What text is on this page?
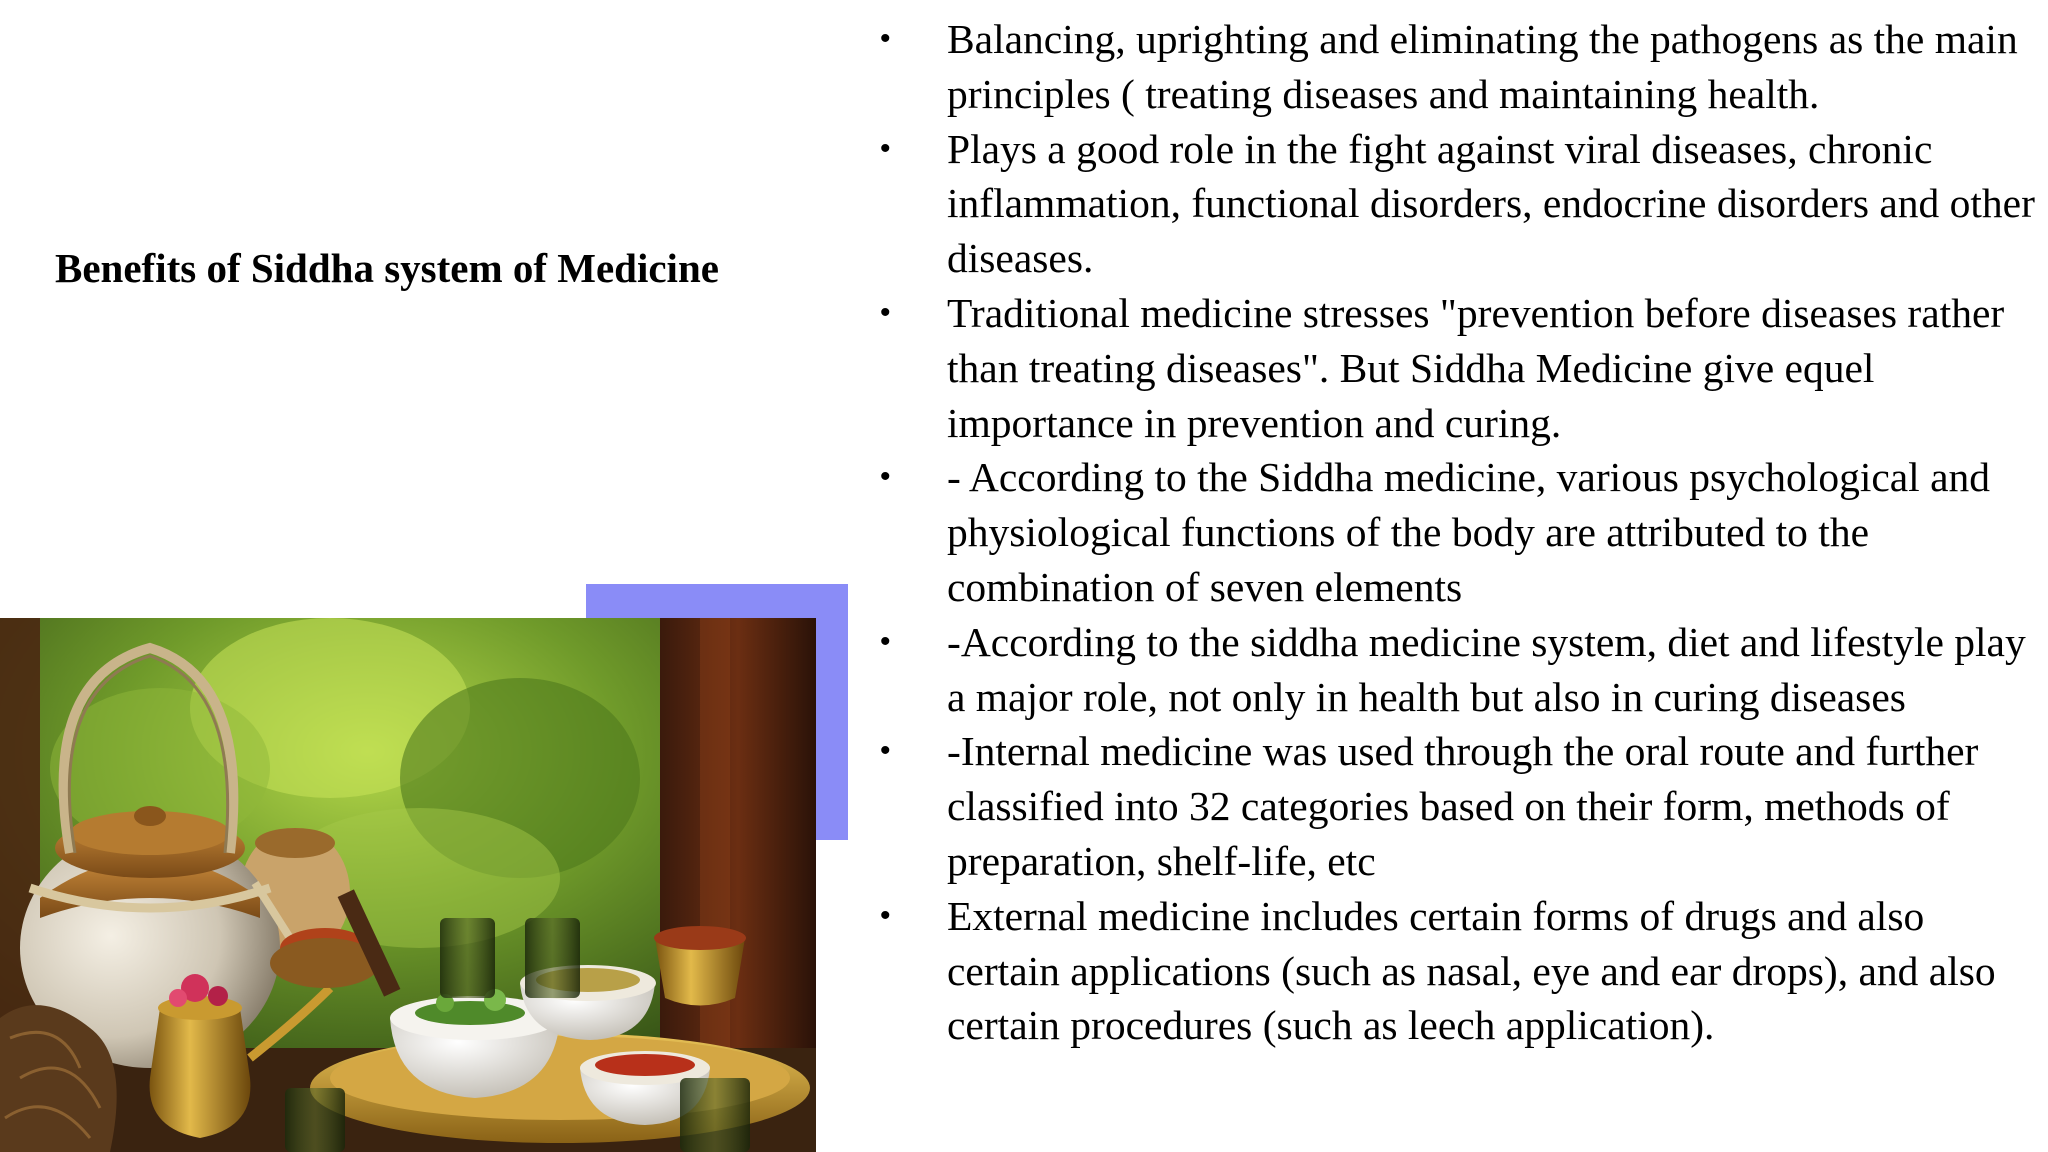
Benefits of Siddha system of Medicine
• Balancing, uprighting and eliminating the pathogens as the main principles ( treating diseases and maintaining health.
• Plays a good role in the fight against viral diseases, chronic inflammation, functional disorders, endocrine disorders and other diseases.
• Traditional medicine stresses "prevention before diseases rather than treating diseases". But Siddha Medicine give equel importance in prevention and curing.
• - According to the Siddha medicine, various psychological and physiological functions of the body are attributed to the combination of seven elements
• -According to the siddha medicine system, diet and lifestyle play a major role, not only in health but also in curing diseases
• -Internal medicine was used through the oral route and further classified into 32 categories based on their form, methods of preparation, shelf-life, etc
• External medicine includes certain forms of drugs and also certain applications (such as nasal, eye and ear drops), and also certain procedures (such as leech application).
